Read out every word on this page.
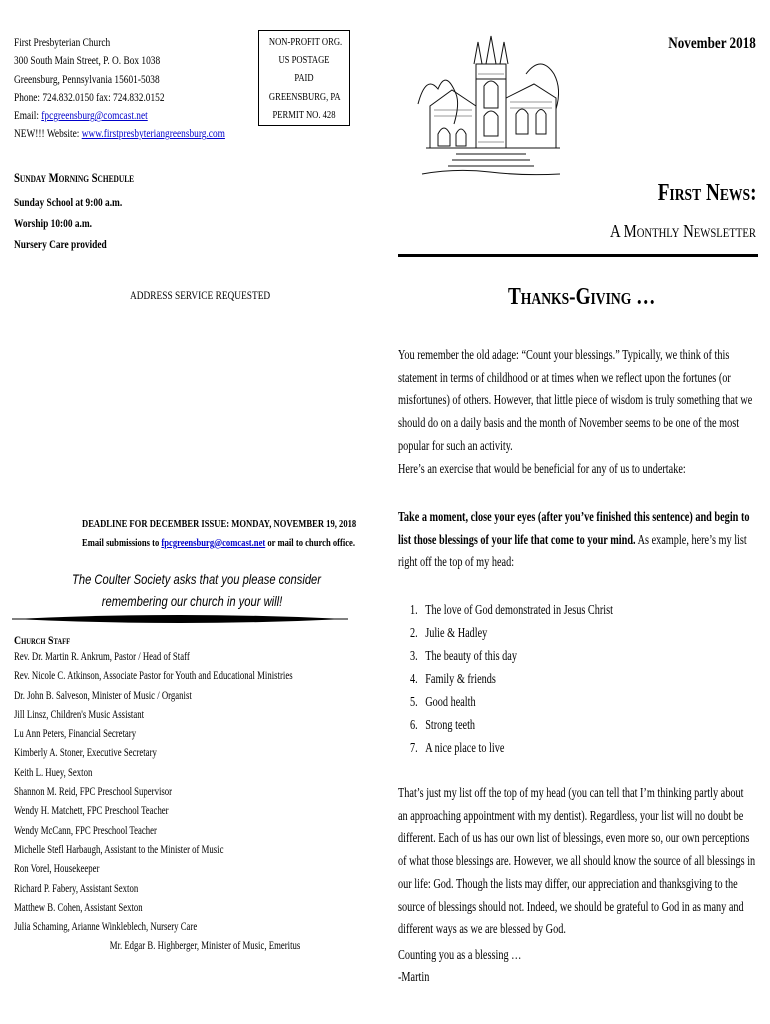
First Presbyterian Church
300 South Main Street, P. O. Box 1038
Greensburg, Pennsylvania 15601-5038
Phone: 724.832.0150 fax: 724.832.0152
Email: fpcgreensburg@comcast.net
NEW!!! Website: www.firstpresbyteriangreensburg.com
NON-PROFIT ORG.
US POSTAGE
PAID
GREENSBURG, PA
PERMIT NO. 428
November 2018
First News:
A Monthly Newsletter
Sunday Morning Schedule
Sunday School at 9:00 a.m.
Worship 10:00 a.m.
Nursery Care provided
ADDRESS SERVICE REQUESTED
DEADLINE FOR DECEMBER ISSUE: MONDAY, NOVEMBER 19, 2018
Email submissions to fpcgreensburg@comcast.net or mail to church office.
The Coulter Society asks that you please consider
remembering our church in your will!
Church Staff
Rev. Dr. Martin R. Ankrum, Pastor / Head of Staff
Rev. Nicole C. Atkinson, Associate Pastor for Youth and Educational Ministries
Dr. John B. Salveson, Minister of Music / Organist
Jill Linsz, Children's Music Assistant
Lu Ann Peters, Financial Secretary
Kimberly A. Stoner, Executive Secretary
Keith L. Huey, Sexton
Shannon M. Reid, FPC Preschool Supervisor
Wendy H. Matchett, FPC Preschool Teacher
Wendy McCann, FPC Preschool Teacher
Michelle Stefl Harbaugh, Assistant to the Minister of Music
Ron Vorel, Housekeeper
Richard P. Fabery, Assistant Sexton
Matthew B. Cohen, Assistant Sexton
Julia Schaming, Arianne Winkleblech, Nursery Care
Mr. Edgar B. Highberger, Minister of Music, Emeritus
Thanks-Giving …
You remember the old adage: “Count your blessings.” Typically, we think of this statement in terms of childhood or at times when we reflect upon the fortunes (or misfortunes) of others. However, that little piece of wisdom is truly something that we should do on a daily basis and the month of November seems to be one of the most popular for such an activity.
Here’s an exercise that would be beneficial for any of us to undertake:
Take a moment, close your eyes (after you’ve finished this sentence) and begin to list those blessings of your life that come to your mind. As example, here’s my list right off the top of my head:
1. The love of God demonstrated in Jesus Christ
2. Julie & Hadley
3. The beauty of this day
4. Family & friends
5. Good health
6. Strong teeth
7. A nice place to live
That’s just my list off the top of my head (you can tell that I’m thinking partly about an approaching appointment with my dentist). Regardless, your list will no doubt be different. Each of us has our own list of blessings, even more so, our own perceptions of what those blessings are. However, we all should know the source of all blessings in our life: God. Though the lists may differ, our appreciation and thanksgiving to the source of blessings should not. Indeed, we should be grateful to God in as many and different ways as we are blessed by God.
Counting you as a blessing …
-Martin
